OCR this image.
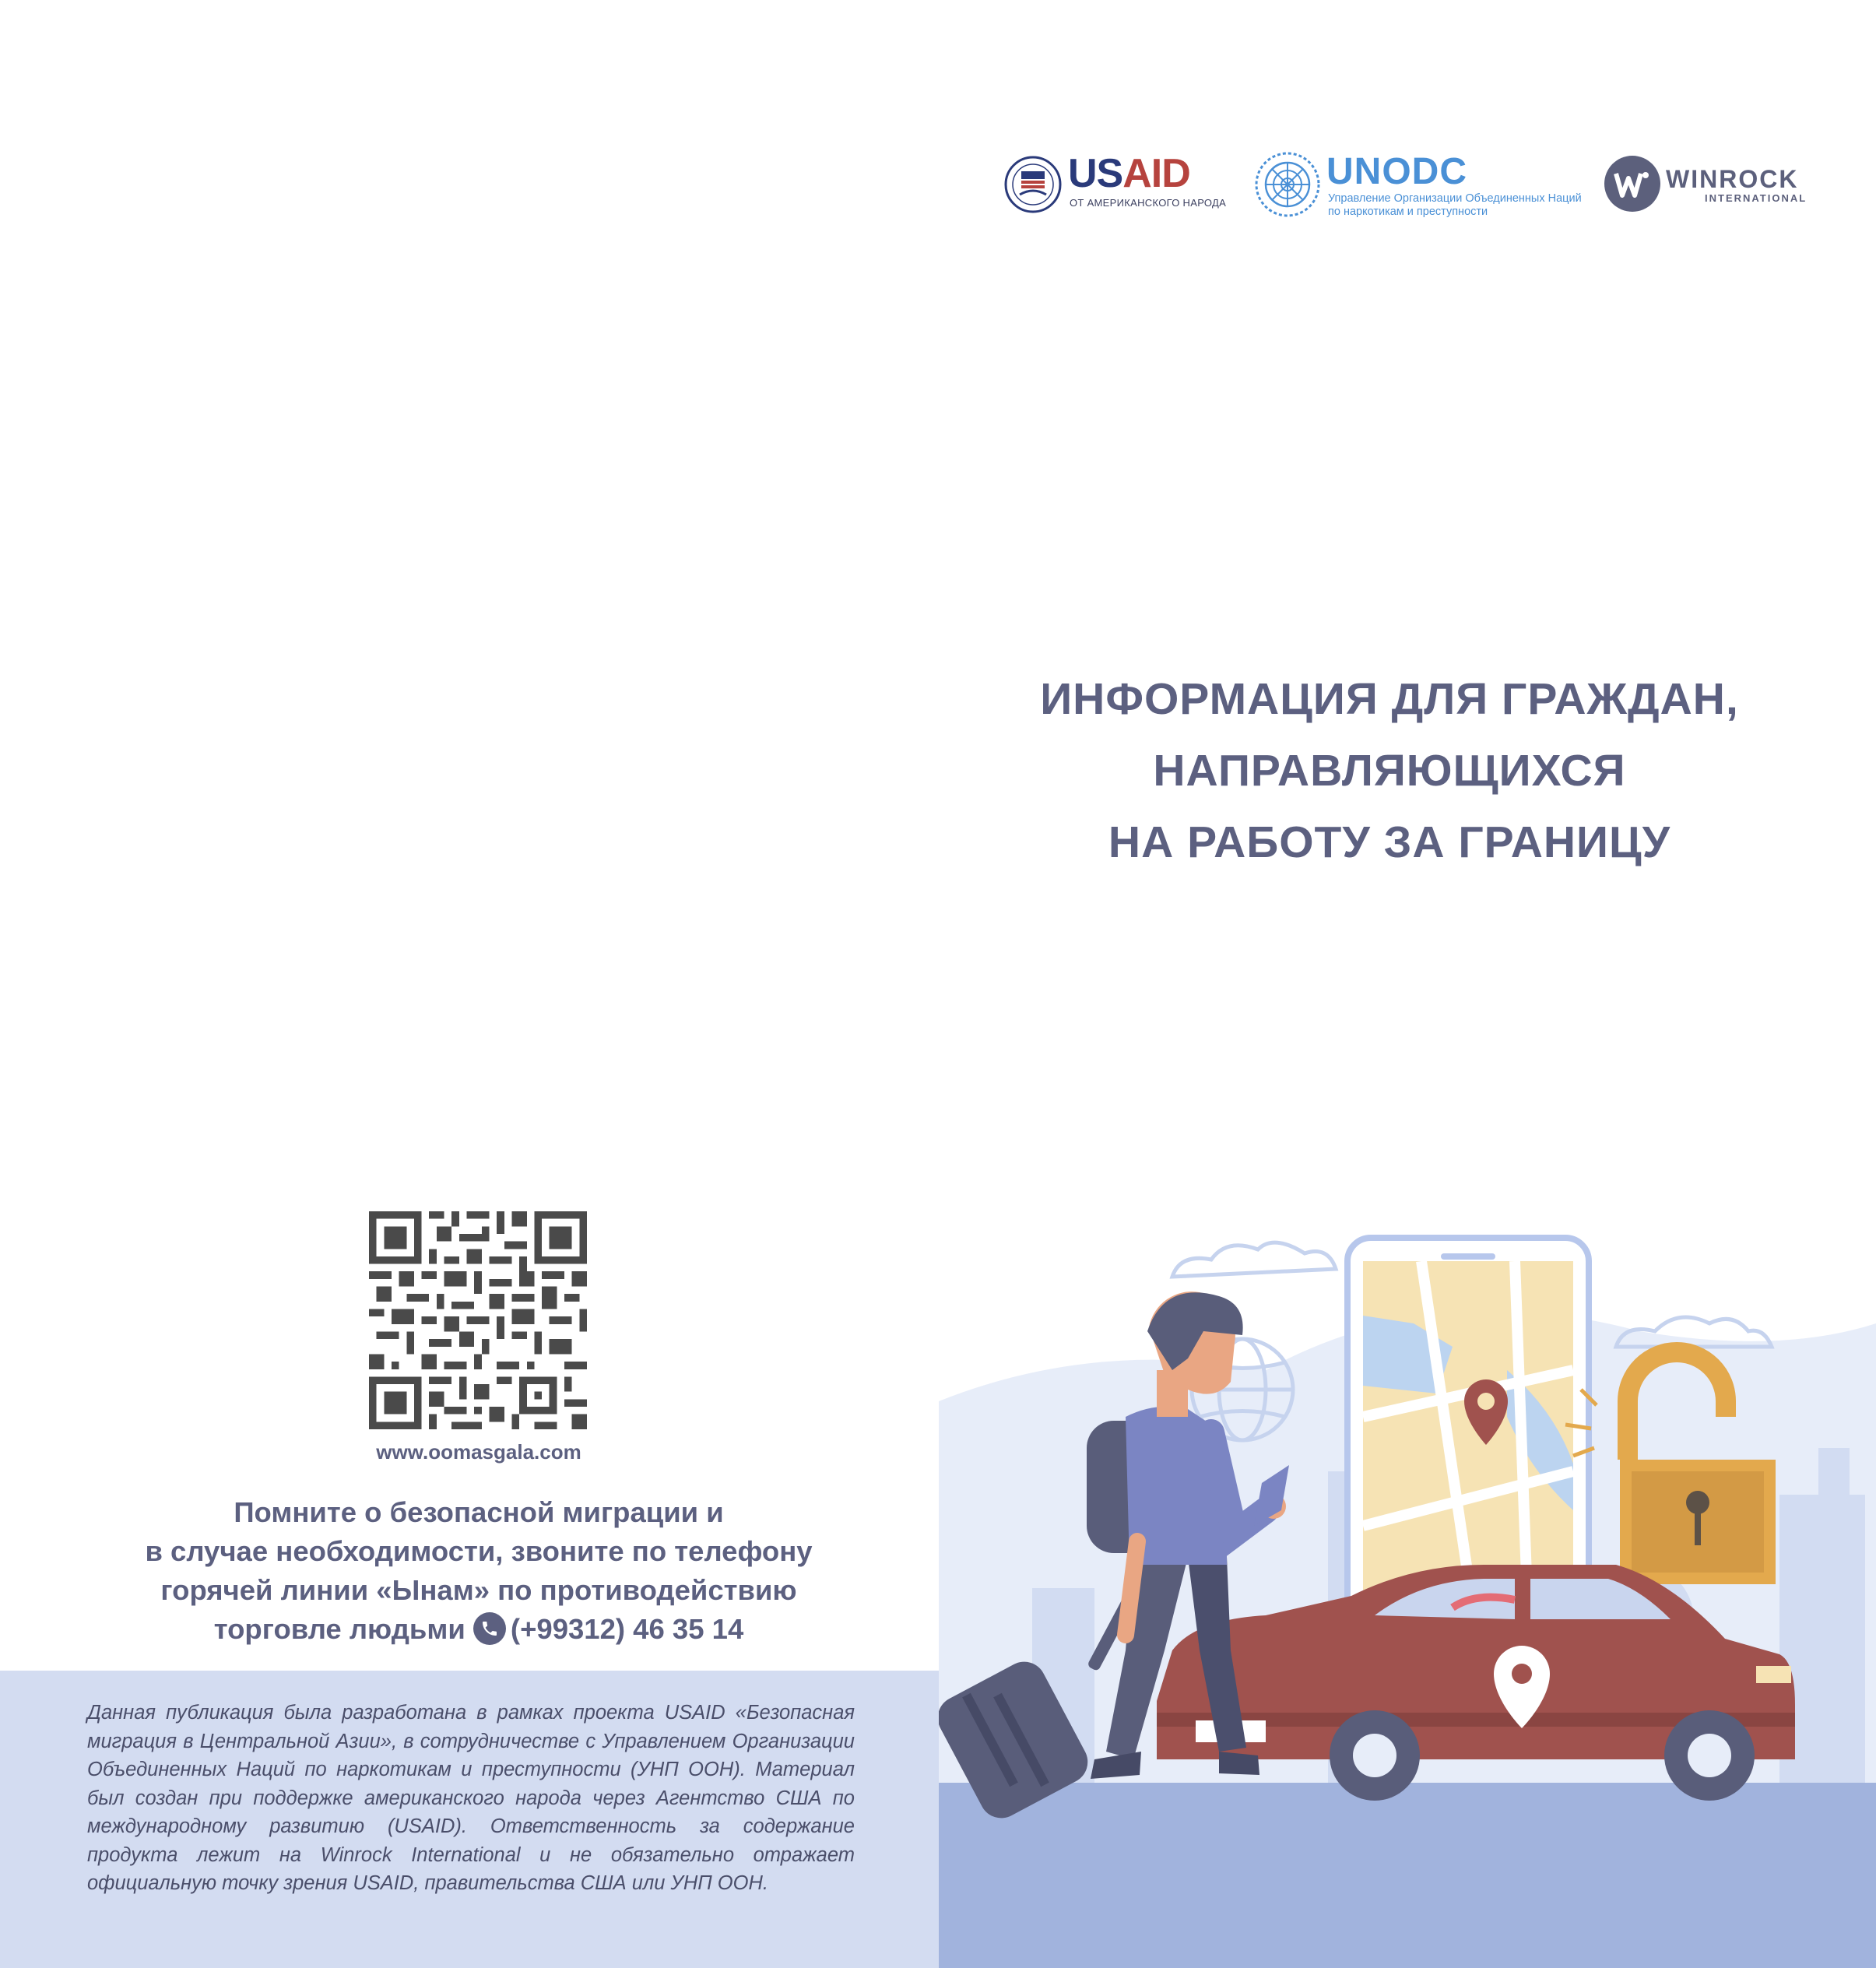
USAID
ОТ АМЕРИКАНСКОГО НАРОДА
UNODC
Управление Организации Объединенных Наций
по наркотикам и преступности
WINROCK
INTERNATIONAL
ИНФОРМАЦИЯ ДЛЯ ГРАЖДАН,
НАПРАВЛЯЮЩИХСЯ
НА РАБОТУ ЗА ГРАНИЦУ
www.oomasgala.com
Помните о безопасной миграции и
в случае необходимости, звоните по телефону
горячей линии «Ынам» по противодействию
торговле людьми (+99312) 46 35 14
Данная публикация была разработана в рамках проекта USAID «Безопасная миграция в Центральной Азии», в сотрудничестве с Управлением Организации Объединенных Наций по наркотикам и преступности (УНП ООН). Материал был создан при поддержке американского народа через Агентство США по международному развитию (USAID). Ответственность за содержание продукта лежит на Winrock International и не обязательно отражает официальную точку зрения USAID, правительства США или УНП ООН.
